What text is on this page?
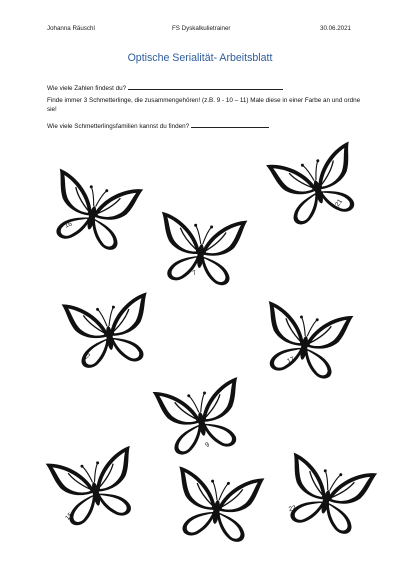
Johanna Räuschl	FS Dyskalkulietrainer	30.06.2021
Optische Serialität- Arbeitsblatt
Wie viele Zahlen findest du?
Finde immer 3 Schmetterlinge, die zusammengehören! (z.B. 9 - 10 – 11) Male diese in einer Farbe an und ordne sie!
Wie viele Schmetterlingsfamilien kannst du finden?
16
21
7
23	17
9
15
8
22
